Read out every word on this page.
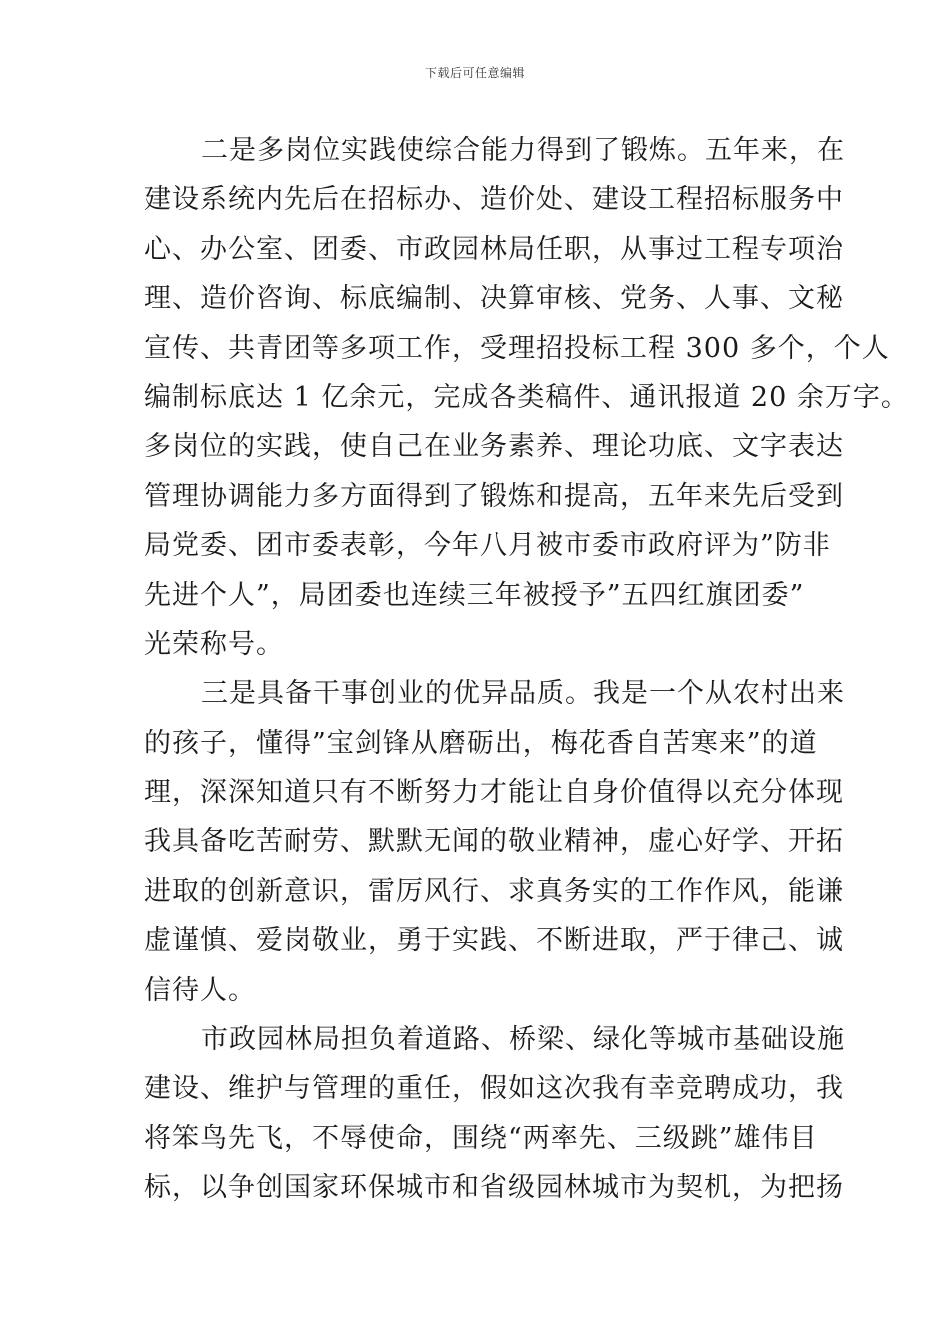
下载后可任意编辑
二是多岗位实践使综合能力得到了锻炼。五年来，在
建设系统内先后在招标办、造价处、建设工程招标服务中
心、办公室、团委、市政园林局任职，从事过工程专项治
理、造价咨询、标底编制、决算审核、党务、人事、文秘
宣传、共青团等多项工作，受理招投标工程 300 多个，个人
编制标底达 1 亿余元，完成各类稿件、通讯报道 20 余万字。
多岗位的实践，使自己在业务素养、理论功底、文字表达
管理协调能力多方面得到了锻炼和提高，五年来先后受到
局党委、团市委表彰，今年八月被市委市政府评为”防非
先进个人”，局团委也连续三年被授予”五四红旗团委”
光荣称号。
三是具备干事创业的优异品质。我是一个从农村出来
的孩子，懂得”宝剑锋从磨砺出，梅花香自苦寒来”的道
理，深深知道只有不断努力才能让自身价值得以充分体现
我具备吃苦耐劳、默默无闻的敬业精神，虚心好学、开拓
进取的创新意识，雷厉风行、求真务实的工作作风，能谦
虚谨慎、爱岗敬业，勇于实践、不断进取，严于律己、诚
信待人。
市政园林局担负着道路、桥梁、绿化等城市基础设施
建设、维护与管理的重任，假如这次我有幸竞聘成功，我
将笨鸟先飞，不辱使命，围绕“两率先、三级跳”雄伟目
标，以争创国家环保城市和省级园林城市为契机，为把扬
